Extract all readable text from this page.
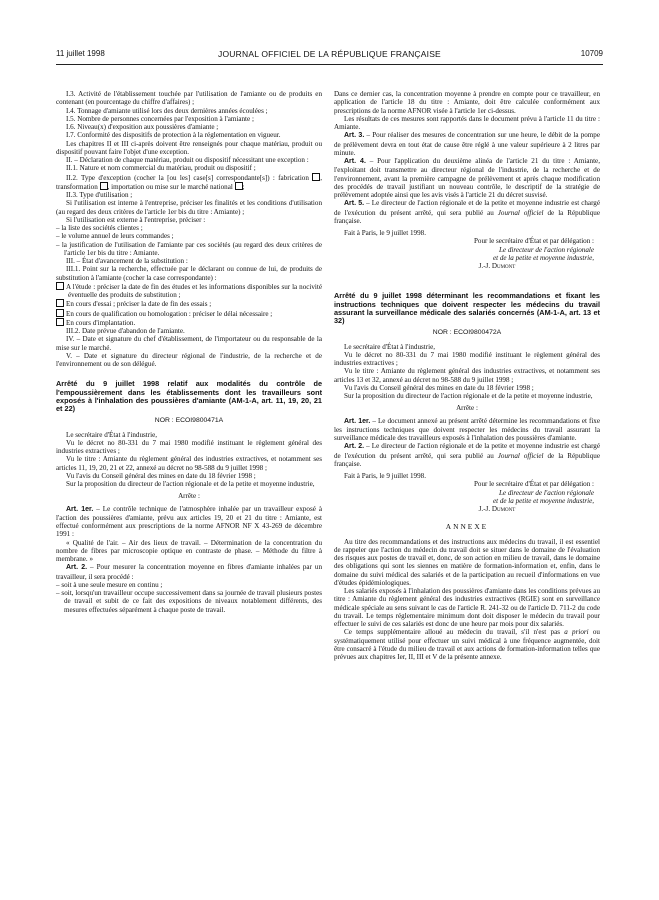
11 juillet 1998	JOURNAL OFFICIEL DE LA RÉPUBLIQUE FRANÇAISE	10709

I.3. Activité de l'établissement touchée par l'utilisation de l'amiante ou de produits en contenant (en pourcentage du chiffre d'affaires) ;

I.4. Tonnage d'amiante utilisé lors des deux dernières années écoulées ;

I.5. Nombre de personnes concernées par l'exposition à l'amiante ;

I.6. Niveau(x) d'exposition aux poussières d'amiante ;

I.7. Conformité des dispositifs de protection à la réglementation en vigueur.

Les chapitres II et III ci-après doivent être renseignés pour chaque matériau, produit ou dispositif pouvant faire l'objet d'une exception.

II. – Déclaration de chaque matériau, produit ou dispositif nécessitant une exception :

II.1. Nature et nom commercial du matériau, produit ou dispositif ;

II.2. Type d'exception (cocher la [ou les] case[s] correspondante[s]) : fabrication , transformation , importation ou mise sur le marché national ;

II.3. Type d'utilisation ;

Si l'utilisation est interne à l'entreprise, préciser les finalités et les conditions d'utilisation (au regard des deux critères de l'article 1er bis du titre : Amiante) ;

Si l'utilisation est externe à l'entreprise, préciser :

– la liste des sociétés clientes ;

– le volume annuel de leurs commandes ;

– la justification de l'utilisation de l'amiante par ces sociétés (au regard des deux critères de l'article 1er bis du titre : Amiante.

III. – État d'avancement de la substitution :

III.1. Point sur la recherche, effectuée par le déclarant ou connue de lui, de produits de substitution à l'amiante (cocher la case correspondante) :

A l'étude : préciser la date de fin des études et les informations disponibles sur la nocivité éventuelle des produits de substitution ;

En cours d'essai ; préciser la date de fin des essais ;

En cours de qualification ou homologation : préciser le délai nécessaire ;

En cours d'implantation.

III.2. Date prévue d'abandon de l'amiante.

IV. – Date et signature du chef d'établissement, de l'importateur ou du responsable de la mise sur le marché.

V. – Date et signature du directeur régional de l'industrie, de la recherche et de l'environnement ou de son délégué.

Arrêté du 9 juillet 1998 relatif aux modalités du contrôle de l'empoussièrement dans les établissements dont les travailleurs sont exposés à l'inhalation des poussières d'amiante (AM-1-A, art. 11, 19, 20, 21 et 22)

NOR : ECOI9800471A

Le secrétaire d'État à l'industrie,

Vu le décret no 80-331 du 7 mai 1980 modifié instituant le règlement général des industries extractives ;

Vu le titre : Amiante du règlement général des industries extractives, et notamment ses articles 11, 19, 20, 21 et 22, annexé au décret no 98-588 du 9 juillet 1998 ;

Vu l'avis du Conseil général des mines en date du 18 février 1998 ;

Sur la proposition du directeur de l'action régionale et de la petite et moyenne industrie,

Arrête :

Art. 1er. – Le contrôle technique de l'atmosphère inhalée par un travailleur exposé à l'action des poussières d'amiante, prévu aux articles 19, 20 et 21 du titre : Amiante, est effectué conformément aux prescriptions de la norme AFNOR NF X 43-269 de décembre 1991 :

« Qualité de l'air. – Air des lieux de travail. – Détermination de la concentration du nombre de fibres par microscopie optique en contraste de phase. – Méthode du filtre à membrane. »

Art. 2. – Pour mesurer la concentration moyenne en fibres d'amiante inhalées par un travailleur, il sera procédé :

– soit à une seule mesure en continu ;

– soit, lorsqu'un travailleur occupe successivement dans sa journée de travail plusieurs postes de travail et subit de ce fait des expositions de niveaux notablement différents, des mesures effectuées séparément à chaque poste de travail.

Dans ce dernier cas, la concentration moyenne à prendre en compte pour ce travailleur, en application de l'article 18 du titre : Amiante, doit être calculée conformément aux prescriptions de la norme AFNOR visée à l'article 1er ci-dessus.

Les résultats de ces mesures sont rapportés dans le document prévu à l'article 11 du titre : Amiante.

Art. 3. – Pour réaliser des mesures de concentration sur une heure, le débit de la pompe de prélèvement devra en tout état de cause être réglé à une valeur supérieure à 2 litres par minute.

Art. 4. – Pour l'application du deuxième alinéa de l'article 21 du titre : Amiante, l'exploitant doit transmettre au directeur régional de l'industrie, de la recherche et de l'environnement, avant la première campagne de prélèvement et après chaque modification des procédés de travail justifiant un nouveau contrôle, le descriptif de la stratégie de prélèvement adoptée ainsi que les avis visés à l'article 21 du décret susvisé.

Art. 5. – Le directeur de l'action régionale et de la petite et moyenne industrie est chargé de l'exécution du présent arrêté, qui sera publié au Journal officiel de la République française.

Fait à Paris, le 9 juillet 1998.

Pour le secrétaire d'État et par délégation :

Le directeur de l'action régionale

et de la petite et moyenne industrie,

J.-J. Dumont

Arrêté du 9 juillet 1998 déterminant les recommandations et fixant les instructions techniques que doivent respecter les médecins du travail assurant la surveillance médicale des salariés concernés (AM-1-A, art. 13 et 32)

NOR : ECOI9800472A

Le secrétaire d'État à l'industrie,

Vu le décret no 80-331 du 7 mai 1980 modifié instituant le règlement général des industries extractives ;

Vu le titre : Amiante du règlement général des industries extractives, et notamment ses articles 13 et 32, annexé au décret no 98-588 du 9 juillet 1998 ;

Vu l'avis du Conseil général des mines en date du 18 février 1998 ;

Sur la proposition du directeur de l'action régionale et de la petite et moyenne industrie,

Arrête :

Art. 1er. – Le document annexé au présent arrêté détermine les recommandations et fixe les instructions techniques que doivent respecter les médecins du travail assurant la surveillance médicale des travailleurs exposés à l'inhalation des poussières d'amiante.

Art. 2. – Le directeur de l'action régionale et de la petite et moyenne industrie est chargé de l'exécution du présent arrêté, qui sera publié au Journal officiel de la République française.

Fait à Paris, le 9 juillet 1998.

Pour le secrétaire d'État et par délégation :

Le directeur de l'action régionale

et de la petite et moyenne industrie,

J.-J. Dumont

ANNEXE

Au titre des recommandations et des instructions aux médecins du travail, il est essentiel de rappeler que l'action du médecin du travail doit se situer dans le domaine de l'évaluation des risques aux postes de travail et, donc, de son action en milieu de travail, dans le domaine des obligations qui sont les siennes en matière de formation-information et, enfin, dans le domaine du suivi médical des salariés et de la participation au recueil d'informations en vue d'études épidémiologiques.

Les salariés exposés à l'inhalation des poussières d'amiante dans les conditions prévues au titre : Amiante du règlement général des industries extractives (RGIE) sont en surveillance médicale spéciale au sens suivant le cas de l'article R. 241-32 ou de l'article D. 711-2 du code du travail. Le temps réglementaire minimum dont doit disposer le médecin du travail pour effectuer le suivi de ces salariés est donc de une heure par mois pour dix salariés.

Ce temps supplémentaire alloué au médecin du travail, s'il n'est pas a priori ou systématiquement utilisé pour effectuer un suivi médical à une fréquence augmentée, doit être consacré à l'étude du milieu de travail et aux actions de formation-information telles que prévues aux chapitres Ier, II, III et V de la présente annexe.
